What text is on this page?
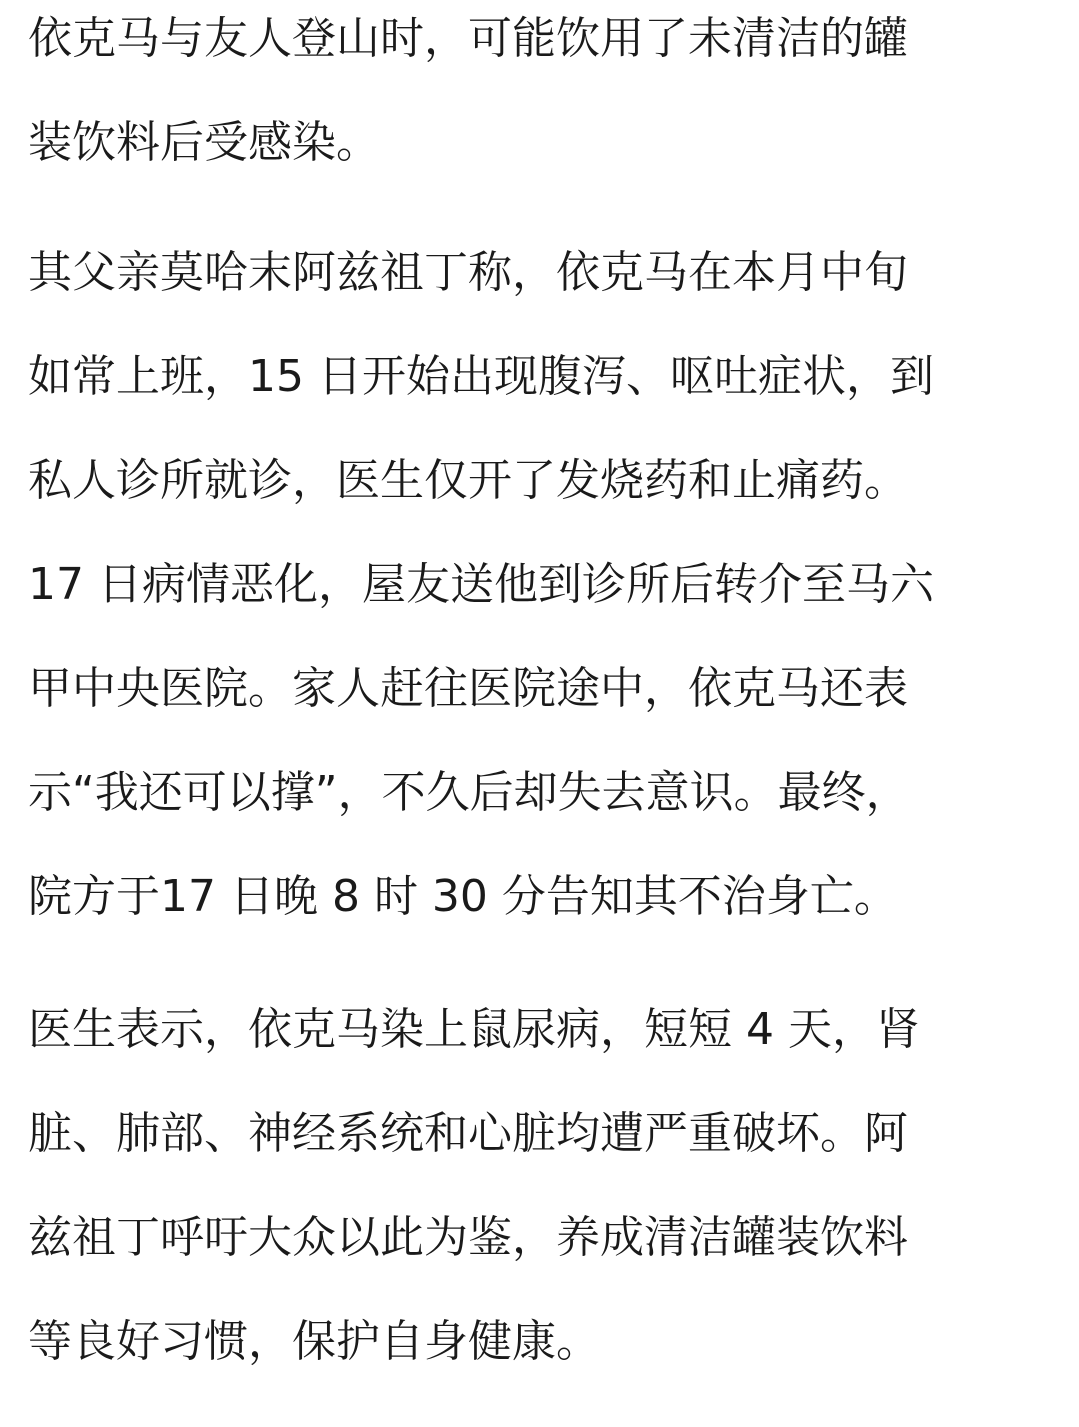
依克马与友人登山时，可能饮用了未清洁的罐
装饮料后受感染。
其父亲莫哈末阿兹祖丁称，依克马在本月中旬
如常上班，15 日开始出现腹泻、呕吐症状，到
私人诊所就诊，医生仅开了发烧药和止痛药。
17 日病情恶化，屋友送他到诊所后转介至马六
甲中央医院。家人赶往医院途中，依克马还表
示“我还可以撑”，不久后却失去意识。最终，
院方于17 日晚 8 时 30 分告知其不治身亡。
医生表示，依克马染上鼠尿病，短短 4 天，肾
脏、肺部、神经系统和心脏均遭严重破坏。阿
兹祖丁呼吁大众以此为鉴，养成清洁罐装饮料
等良好习惯，保护自身健康。
